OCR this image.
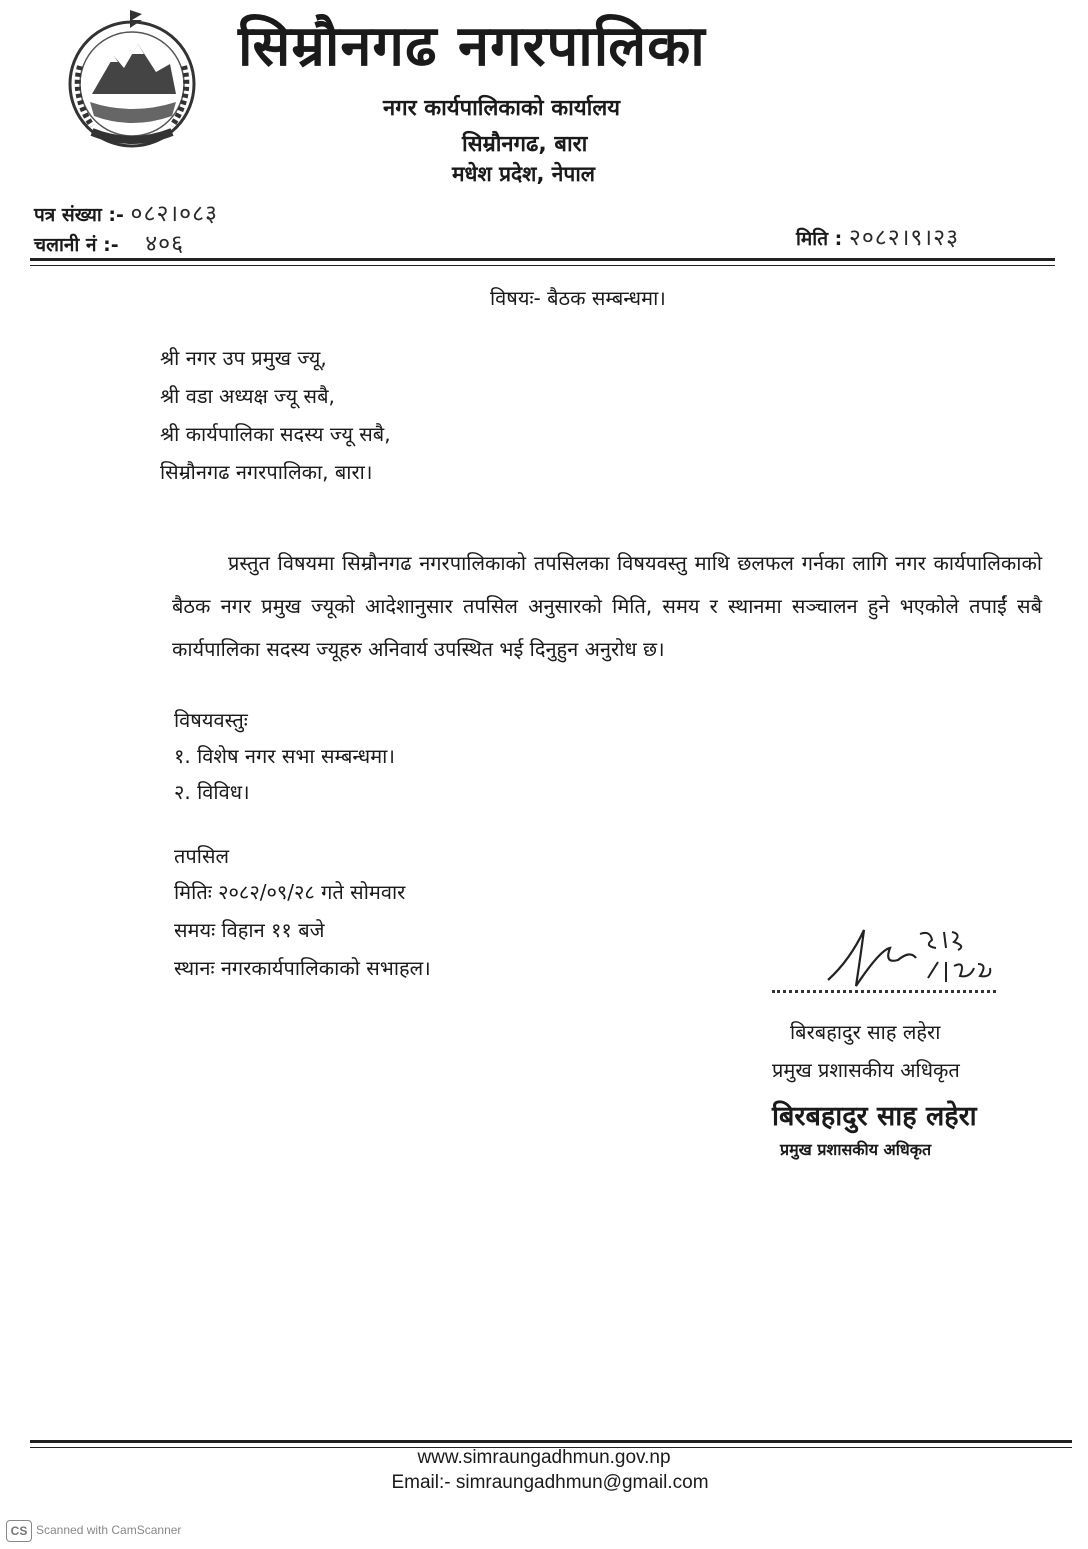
सिम्रौनगढ नगरपालिका
नगर कार्यपालिकाको कार्यालय
सिम्रौनगढ, बारा
मधेश प्रदेश, नेपाल
पत्र संख्या :- ०८२।०८३
चलानी नं :- ४०६	मिति : २०८२।९।२३
विषयः- बैठक सम्बन्धमा।
श्री नगर उप प्रमुख ज्यू,
श्री वडा अध्यक्ष ज्यू सबै,
श्री कार्यपालिका सदस्य ज्यू सबै,
सिम्रौनगढ नगरपालिका, बारा।
प्रस्तुत विषयमा सिम्रौनगढ नगरपालिकाको तपसिलका विषयवस्तु माथि छलफल गर्नका लागि नगर कार्यपालिकाको बैठक नगर प्रमुख ज्यूको आदेशानुसार तपसिल अनुसारको मिति, समय र स्थानमा सञ्चालन हुने भएकोले तपाईं सबै कार्यपालिका सदस्य ज्यूहरु अनिवार्य उपस्थित भई दिनुहुन अनुरोध छ।
विषयवस्तुः
१. विशेष नगर सभा सम्बन्धमा।
२. विविध।
तपसिल
मितिः २०८२/०९/२८ गते सोमवार
समयः विहान ११ बजे
स्थानः नगरकार्यपालिकाको सभाहल।
बिरबहादुर साह लहेरा
प्रमुख प्रशासकीय अधिकृत
बिरबहादुर साह लहेरा
प्रमुख प्रशासकीय अधिकृत
www.simraungadhmun.gov.np
Email:- simraungadhmun@gmail.com
CS Scanned with CamScanner
